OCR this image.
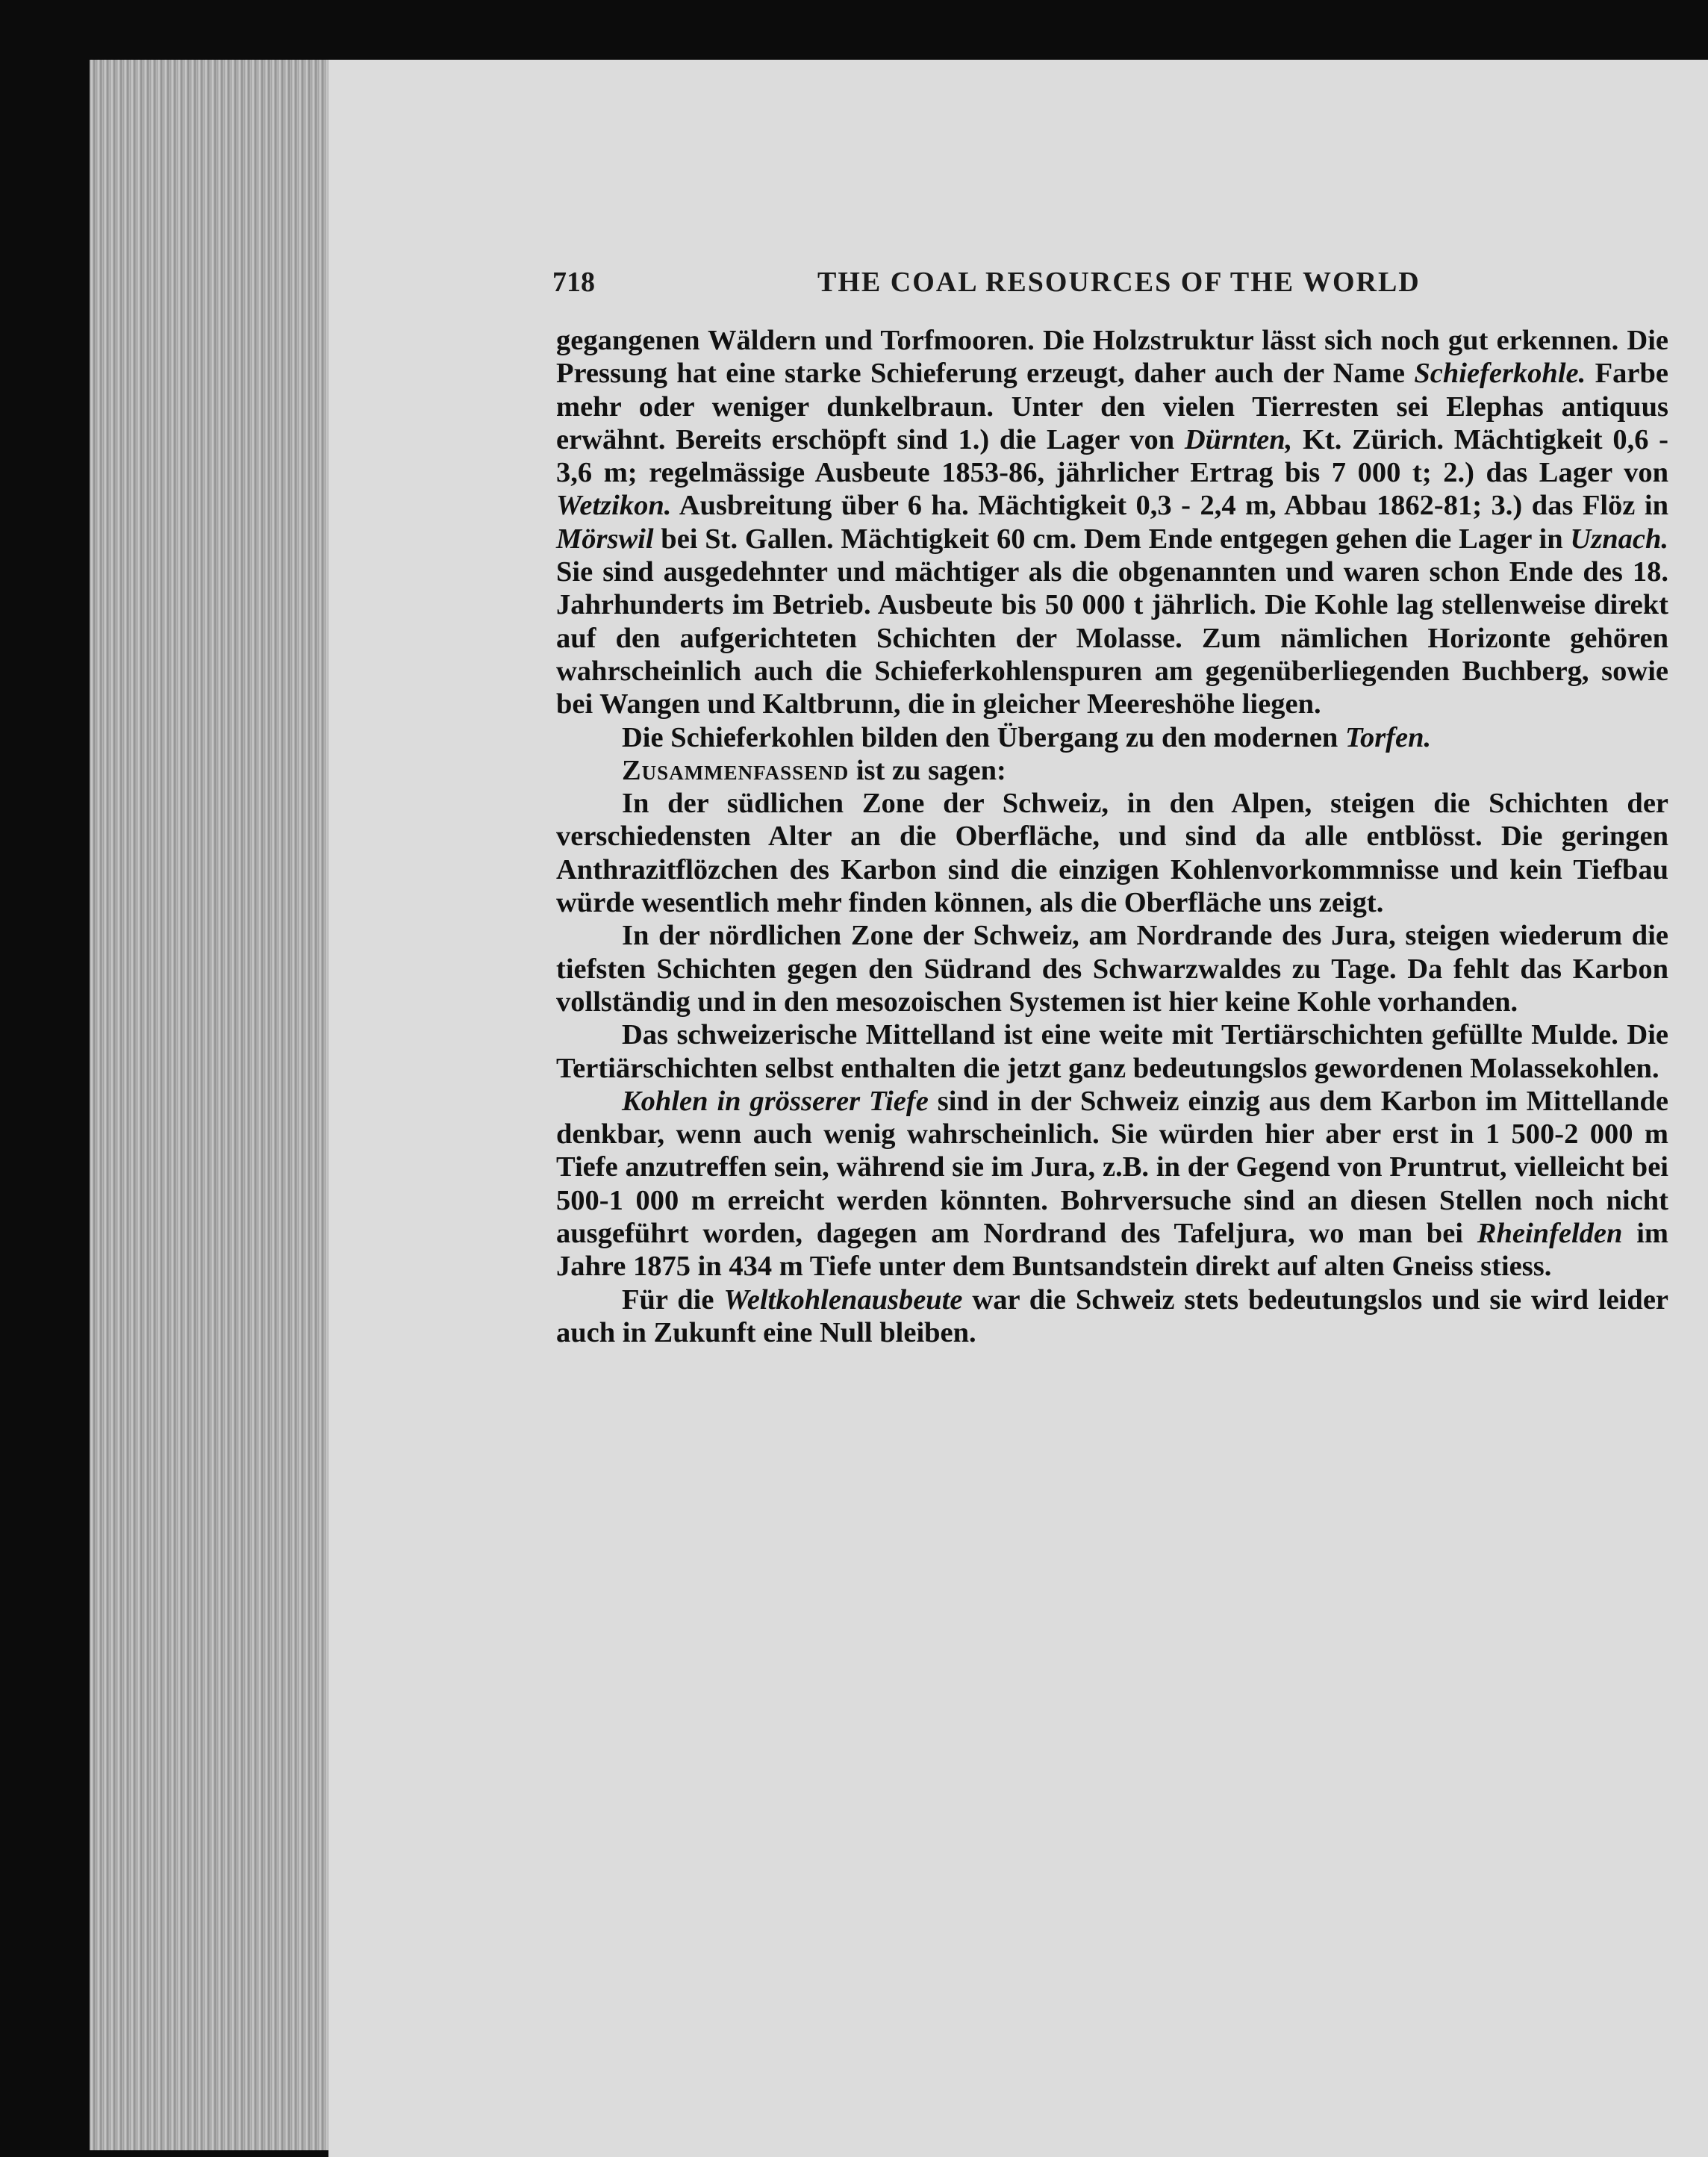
718	THE COAL RESOURCES OF THE WORLD

gegangenen Wäldern und Torfmooren. Die Holzstruktur lässt sich noch gut erkennen. Die Pressung hat eine starke Schieferung erzeugt, daher auch der Name Schieferkohle. Farbe mehr oder weniger dunkelbraun. Unter den vielen Tierresten sei Elephas antiquus erwähnt. Bereits erschöpft sind 1.) die Lager von Dürnten, Kt. Zürich. Mächtigkeit 0,6 - 3,6 m; regelmässige Ausbeute 1853-86, jährlicher Ertrag bis 7 000 t; 2.) das Lager von Wetzikon. Ausbreitung über 6 ha. Mächtigkeit 0,3 - 2,4 m, Abbau 1862-81; 3.) das Flöz in Mörswil bei St. Gallen. Mächtigkeit 60 cm. Dem Ende entgegen gehen die Lager in Uznach. Sie sind ausgedehnter und mächtiger als die obgenannten und waren schon Ende des 18. Jahrhunderts im Betrieb. Ausbeute bis 50 000 t jährlich. Die Kohle lag stellenweise direkt auf den aufgerichteten Schichten der Molasse. Zum nämlichen Horizonte gehören wahrscheinlich auch die Schieferkohlenspuren am gegenüberliegenden Buchberg, sowie bei Wangen und Kaltbrunn, die in gleicher Meereshöhe liegen.

Die Schieferkohlen bilden den Übergang zu den modernen Torfen.

Zusammenfassend ist zu sagen:

In der südlichen Zone der Schweiz, in den Alpen, steigen die Schichten der verschiedensten Alter an die Oberfläche, und sind da alle entblösst. Die geringen Anthrazitflözchen des Karbon sind die einzigen Kohlenvorkommnisse und kein Tiefbau würde wesentlich mehr finden können, als die Oberfläche uns zeigt.

In der nördlichen Zone der Schweiz, am Nordrande des Jura, steigen wiederum die tiefsten Schichten gegen den Südrand des Schwarzwaldes zu Tage. Da fehlt das Karbon vollständig und in den mesozoischen Systemen ist hier keine Kohle vorhanden.

Das schweizerische Mittelland ist eine weite mit Tertiärschichten gefüllte Mulde. Die Tertiärschichten selbst enthalten die jetzt ganz bedeutungslos gewordenen Molassekohlen.

Kohlen in grösserer Tiefe sind in der Schweiz einzig aus dem Karbon im Mittellande denkbar, wenn auch wenig wahrscheinlich. Sie würden hier aber erst in 1 500-2 000 m Tiefe anzutreffen sein, während sie im Jura, z.B. in der Gegend von Pruntrut, vielleicht bei 500-1 000 m erreicht werden könnten. Bohrversuche sind an diesen Stellen noch nicht ausgeführt worden, dagegen am Nordrand des Tafeljura, wo man bei Rheinfelden im Jahre 1875 in 434 m Tiefe unter dem Buntsandstein direkt auf alten Gneiss stiess.

Für die Weltkohlenausbeute war die Schweiz stets bedeutungslos und sie wird leider auch in Zukunft eine Null bleiben.
